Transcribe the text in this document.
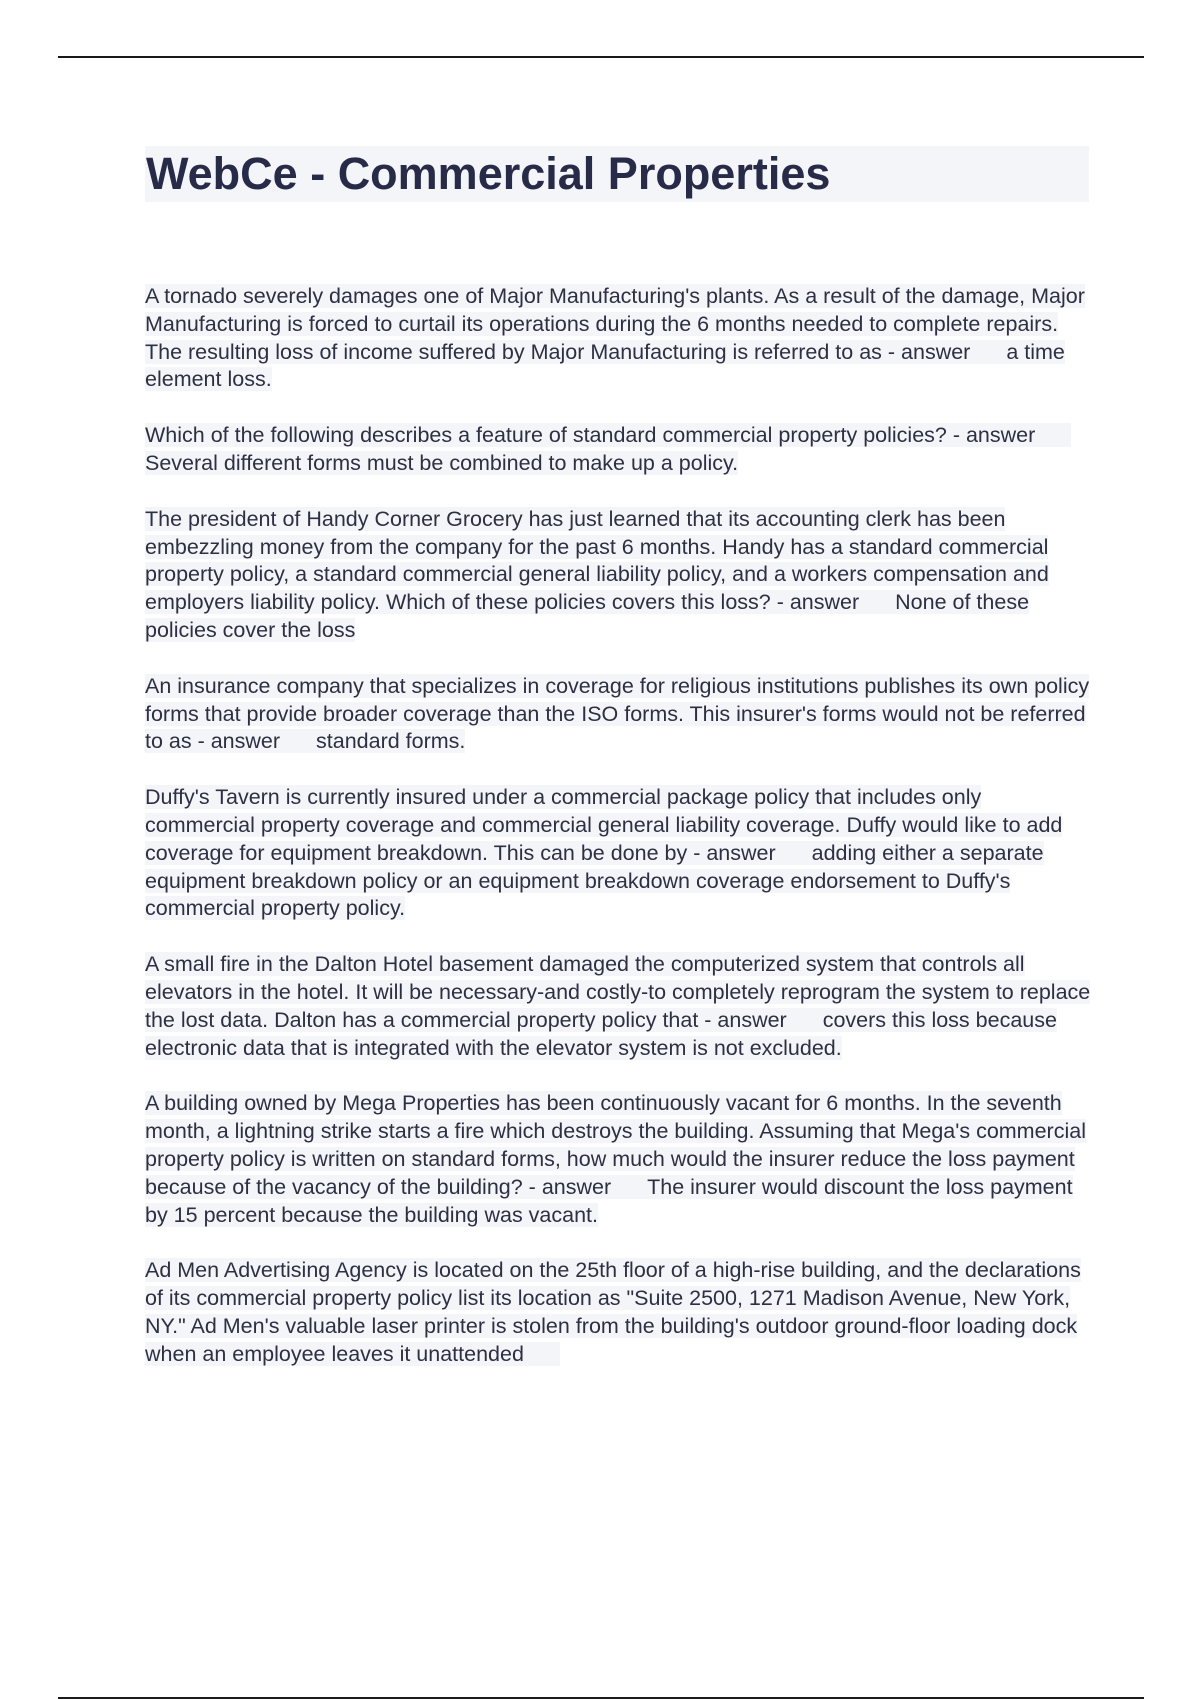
WebCe - Commercial Properties

A tornado severely damages one of Major Manufacturing's plants. As a result of the damage, Major Manufacturing is forced to curtail its operations during the 6 months needed to complete repairs. The resulting loss of income suffered by Major Manufacturing is referred to as - answer a time element loss.

Which of the following describes a feature of standard commercial property policies? - answerSeveral different forms must be combined to make up a policy.

The president of Handy Corner Grocery has just learned that its accounting clerk has been embezzling money from the company for the past 6 months. Handy has a standard commercial property policy, a standard commercial general liability policy, and a workers compensation and employers liability policy. Which of these policies covers this loss? - answer None of these policies cover the loss

An insurance company that specializes in coverage for religious institutions publishes its own policy forms that provide broader coverage than the ISO forms. This insurer's forms would not be referred to as - answer standard forms.

Duffy's Tavern is currently insured under a commercial package policy that includes only commercial property coverage and commercial general liability coverage. Duffy would like to add coverage for equipment breakdown. This can be done by - answer adding either a separate equipment breakdown policy or an equipment breakdown coverage endorsement to Duffy's commercial property policy.

A small fire in the Dalton Hotel basement damaged the computerized system that controls all elevators in the hotel. It will be necessary-and costly-to completely reprogram the system to replace the lost data. Dalton has a commercial property policy that - answer covers this loss because electronic data that is integrated with the elevator system is not excluded.

A building owned by Mega Properties has been continuously vacant for 6 months. In the seventh month, a lightning strike starts a fire which destroys the building. Assuming that Mega's commercial property policy is written on standard forms, how much would the insurer reduce the loss payment because of the vacancy of the building? - answer The insurer would discount the loss payment by 15 percent because the building was vacant.

Ad Men Advertising Agency is located on the 25th floor of a high-rise building, and the declarations of its commercial property policy list its location as "Suite 2500, 1271 Madison Avenue, New York, NY." Ad Men's valuable laser printer is stolen from the building's outdoor ground-floor loading dock when an employee leaves it unattended
